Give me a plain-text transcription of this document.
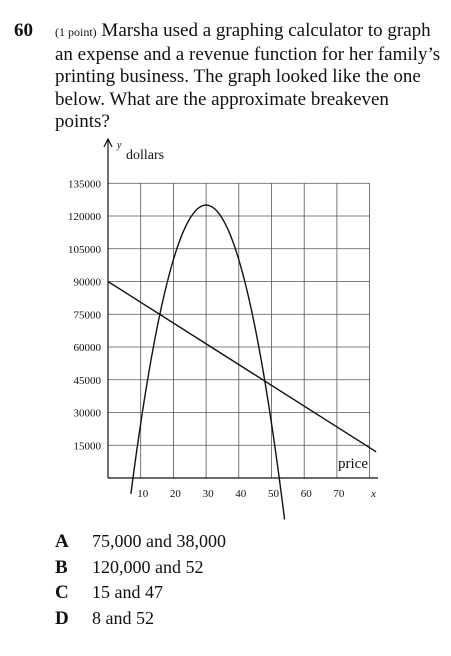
60 (1 point) Marsha used a graphing calculator to graph an expense and a revenue function for her family’s printing business. The graph looked like the one below. What are the approximate breakeven points?
15000
30000
45000
60000
75000
90000
105000
120000
135000
10 20 30 40 50 60 70
dollars
y
price
x
A	75,000 and 38,000
B	120,000 and 52
C	15 and 47
D	8 and 52
